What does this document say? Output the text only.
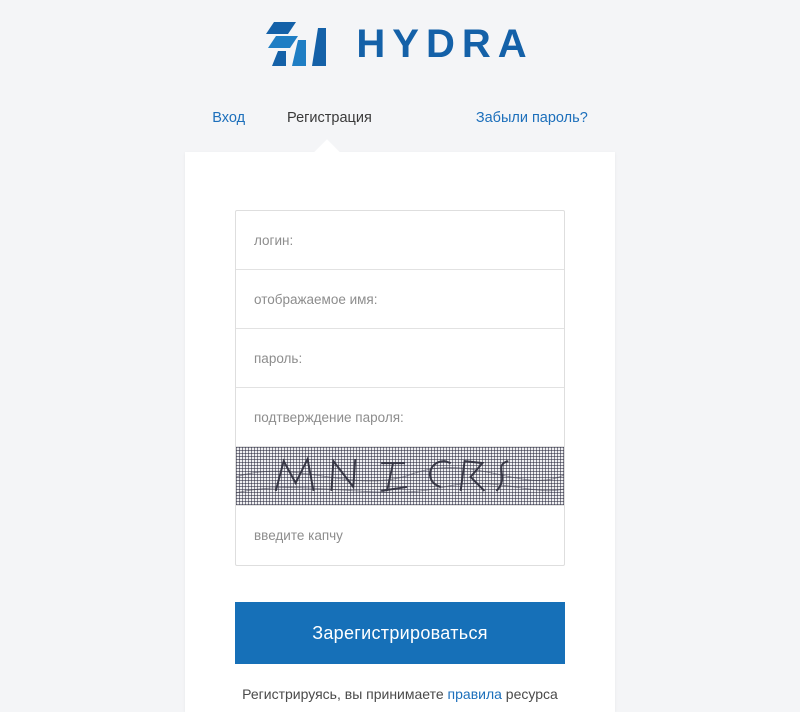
HYDRA
Вход	Регистрация	Забыли пароль?
логин:
отображаемое имя:
пароль:
подтверждение пароля:
введите капчу
Зарегистрироваться
Регистрируясь, вы принимаете правила ресурса
